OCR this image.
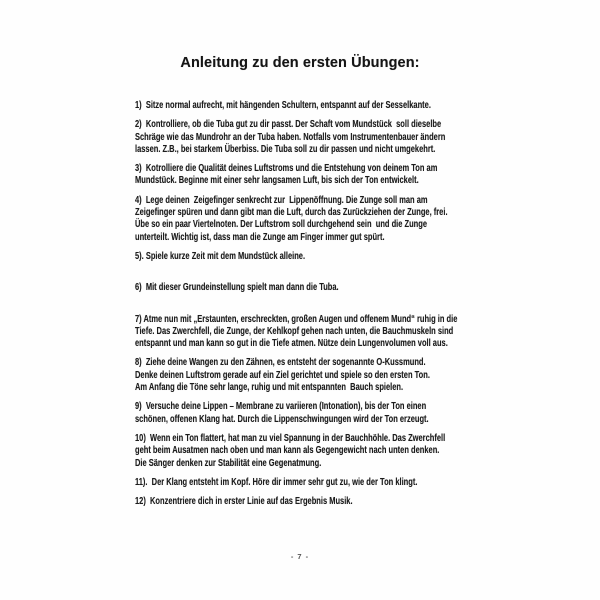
Anleitung zu den ersten Übungen:

1)  Sitze normal aufrecht, mit hängenden Schultern, entspannt auf der Sesselkante.

2)  Kontrolliere, ob die Tuba gut zu dir passt. Der Schaft vom Mundstück  soll dieselbe
Schräge wie das Mundrohr an der Tuba haben. Notfalls vom Instrumentenbauer ändern
lassen. Z.B., bei starkem Überbiss. Die Tuba soll zu dir passen und nicht umgekehrt.

3)  Kotrolliere die Qualität deines Luftstroms und die Entstehung von deinem Ton am
Mundstück. Beginne mit einer sehr langsamen Luft, bis sich der Ton entwickelt.

4)  Lege deinen  Zeigefinger senkrecht zur  Lippenöffnung. Die Zunge soll man am
Zeigefinger spüren und dann gibt man die Luft, durch das Zurückziehen der Zunge, frei.
Übe so ein paar Viertelnoten. Der Luftstrom soll durchgehend sein  und die Zunge
unterteilt. Wichtig ist, dass man die Zunge am Finger immer gut spürt.

5). Spiele kurze Zeit mit dem Mundstück alleine.

6)  Mit dieser Grundeinstellung spielt man dann die Tuba.

7) Atme nun mit „Erstaunten, erschreckten, großen Augen und offenem Mund“ ruhig in die
Tiefe. Das Zwerchfell, die Zunge, der Kehlkopf gehen nach unten, die Bauchmuskeln sind
entspannt und man kann so gut in die Tiefe atmen. Nütze dein Lungenvolumen voll aus.

8)  Ziehe deine Wangen zu den Zähnen, es entsteht der sogenannte O-Kussmund.
Denke deinen Luftstrom gerade auf ein Ziel gerichtet und spiele so den ersten Ton.
Am Anfang die Töne sehr lange, ruhig und mit entspannten  Bauch spielen.

9)  Versuche deine Lippen – Membrane zu variieren (Intonation), bis der Ton einen
schönen, offenen Klang hat. Durch die Lippenschwingungen wird der Ton erzeugt.

10)  Wenn ein Ton flattert, hat man zu viel Spannung in der Bauchhöhle. Das Zwerchfell
geht beim Ausatmen nach oben und man kann als Gegengewicht nach unten denken.
Die Sänger denken zur Stabilität eine Gegenatmung.

11).  Der Klang entsteht im Kopf. Höre dir immer sehr gut zu, wie der Ton klingt.

12)  Konzentriere dich in erster Linie auf das Ergebnis Musik.

- 7 -
